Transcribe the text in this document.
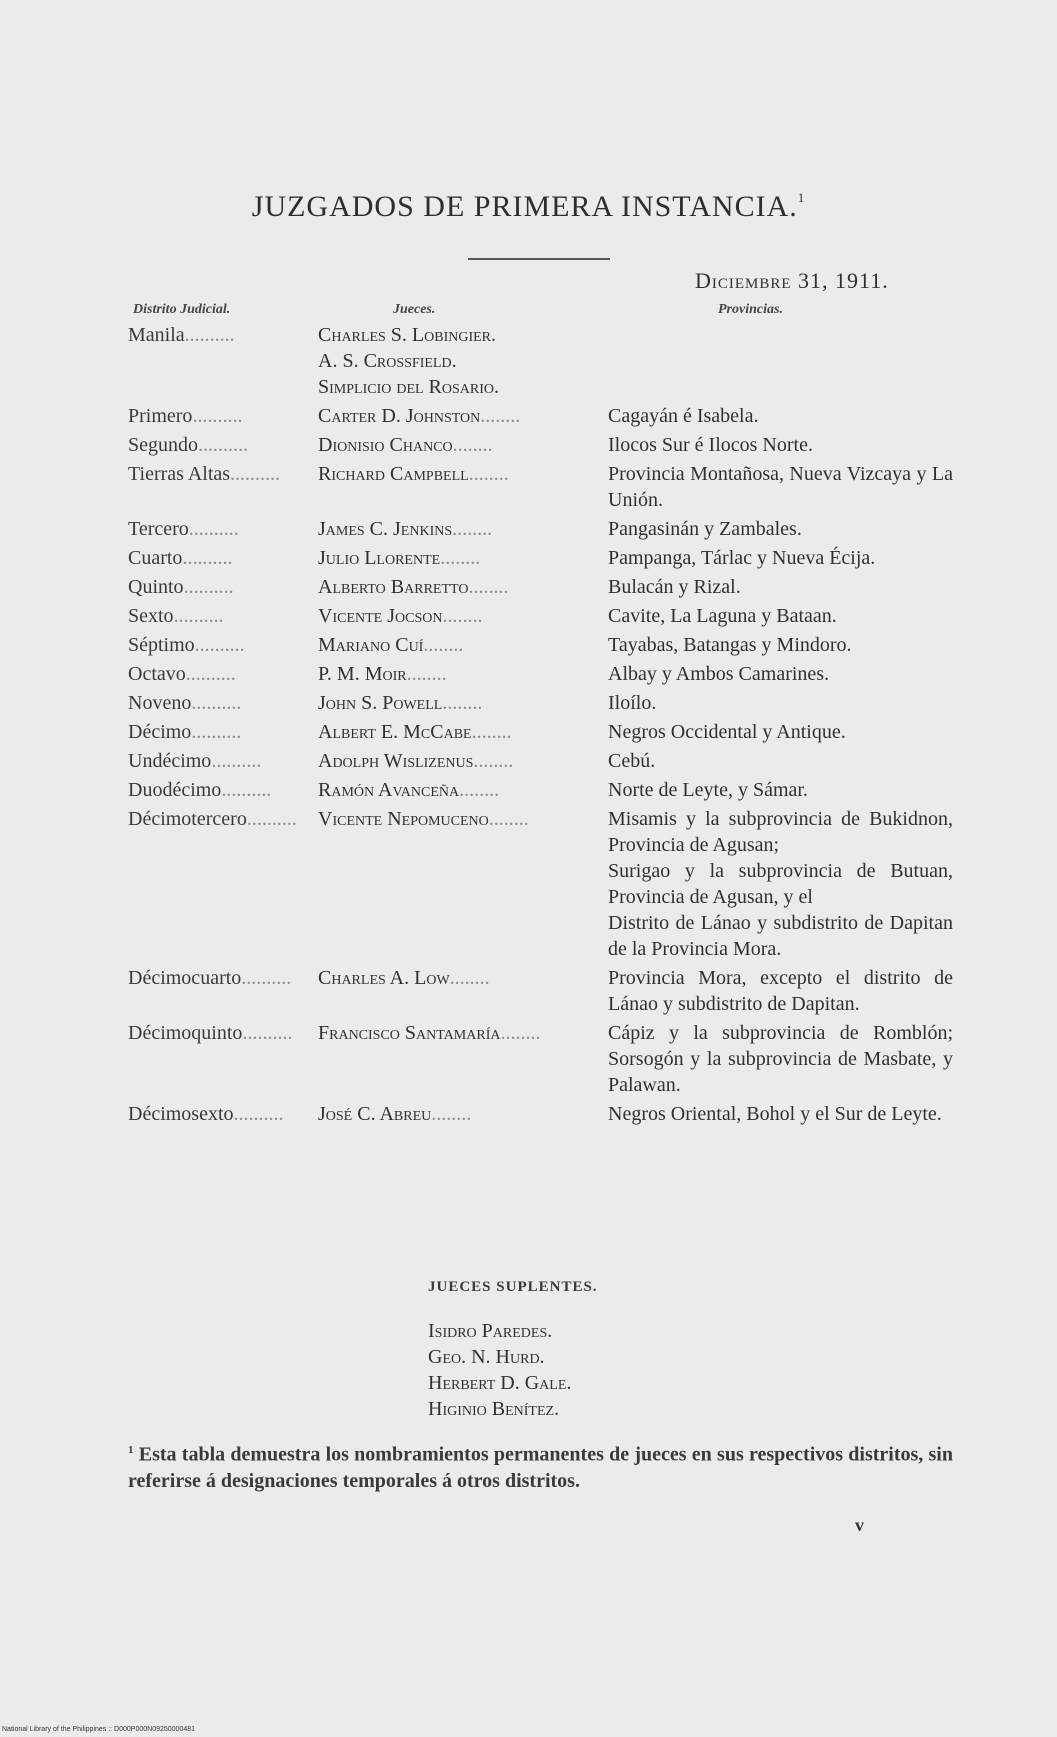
JUZGADOS DE PRIMERA INSTANCIA.$^1$
Diciembre 31, 1911.
Distrito Judicial.	Jueces.	Provincias.
Manila..........	Charles S. Lobingier.
A. S. Crossfield.
Simplicio del Rosario.
Primero..........	Carter D. Johnston........	Cagayán é Isabela.

Segundo..........	Dionisio Chanco........	Ilocos Sur é Ilocos Norte.

Tierras Altas..........	Richard Campbell........	Provincia Montañosa, Nueva Vizcaya y La Unión.

Tercero..........	James C. Jenkins........	Pangasinán y Zambales.

Cuarto..........	Julio Llorente........	Pampanga, Tárlac y Nueva Écija.

Quinto..........	Alberto Barretto........	Bulacán y Rizal.

Sexto..........	Vicente Jocson........	Cavite, La Laguna y Bataan.

Séptimo..........	Mariano Cuí........	Tayabas, Batangas y Mindoro.

Octavo..........	P. M. Moir........	Albay y Ambos Camarines.

Noveno..........	John S. Powell........	Iloílo.

Décimo..........	Albert E. McCabe........	Negros Occidental y Antique.

Undécimo..........	Adolph Wislizenus........	Cebú.

Duodécimo..........	Ramón Avanceña........	Norte de Leyte, y Sámar.

Décimotercero..........	Vicente Nepomuceno........	Misamis y la subprovincia de Bukidnon, Provincia de Agusan;

Surigao y la subprovincia de Butuan, Provincia de Agusan, y el

Distrito de Lánao y subdistrito de Dapitan de la Provincia Mora.

Décimocuarto..........	Charles A. Low........	Provincia Mora, excepto el distrito de Lánao y subdistrito de Dapitan.

Décimoquinto..........	Francisco Santamaría........	Cápiz y la subprovincia de Romblón; Sorsogón y la subprovincia de Masbate, y Palawan.

Décimosexto..........	José C. Abreu........	Negros Oriental, Bohol y el Sur de Leyte.

JUECES SUPLENTES.
Isidro Paredes.
Geo. N. Hurd.
Herbert D. Gale.
Higinio Benítez.
$^1$ Esta tabla demuestra los nombramientos permanentes de jueces en sus respectivos distritos, sin referirse á designaciones temporales á otros distritos.
v
National Library of the Philippines :: D000P000N09250000481
